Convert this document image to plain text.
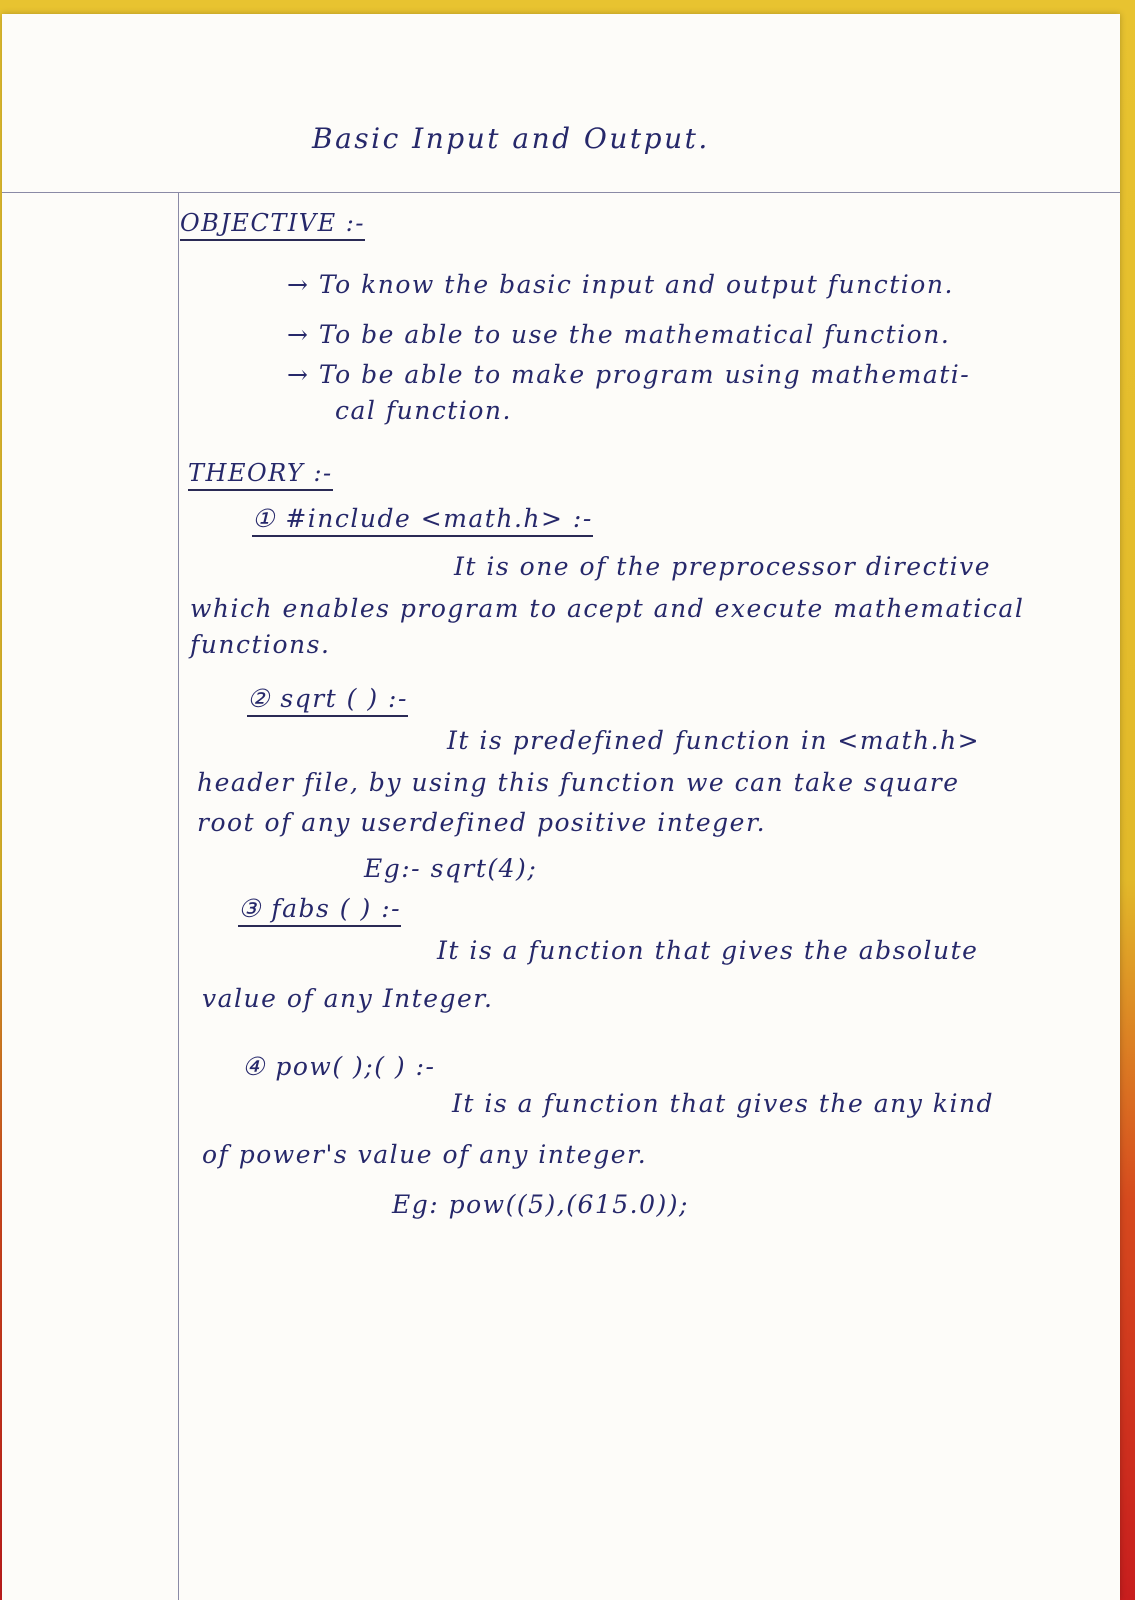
Basic Input and Output.

OBJECTIVE :-

→ To know the basic input and output function.

→ To be able to use the mathematical function.

→ To be able to make program using mathemati-

cal function.

THEORY :-

① #include <math.h> :-

It is one of the preprocessor directive

which enables program to acept and execute mathematical

functions.

② sqrt ( ) :-

It is predefined function in <math.h>

header file, by using this function we can take square

root of any userdefined positive integer.

Eg:- sqrt(4);

③ fabs ( ) :-

It is a function that gives the absolute

value of any Integer.

④ pow( );( ) :-

It is a function that gives the any kind

of power's value of any integer.

Eg: pow((5),(615.0));
